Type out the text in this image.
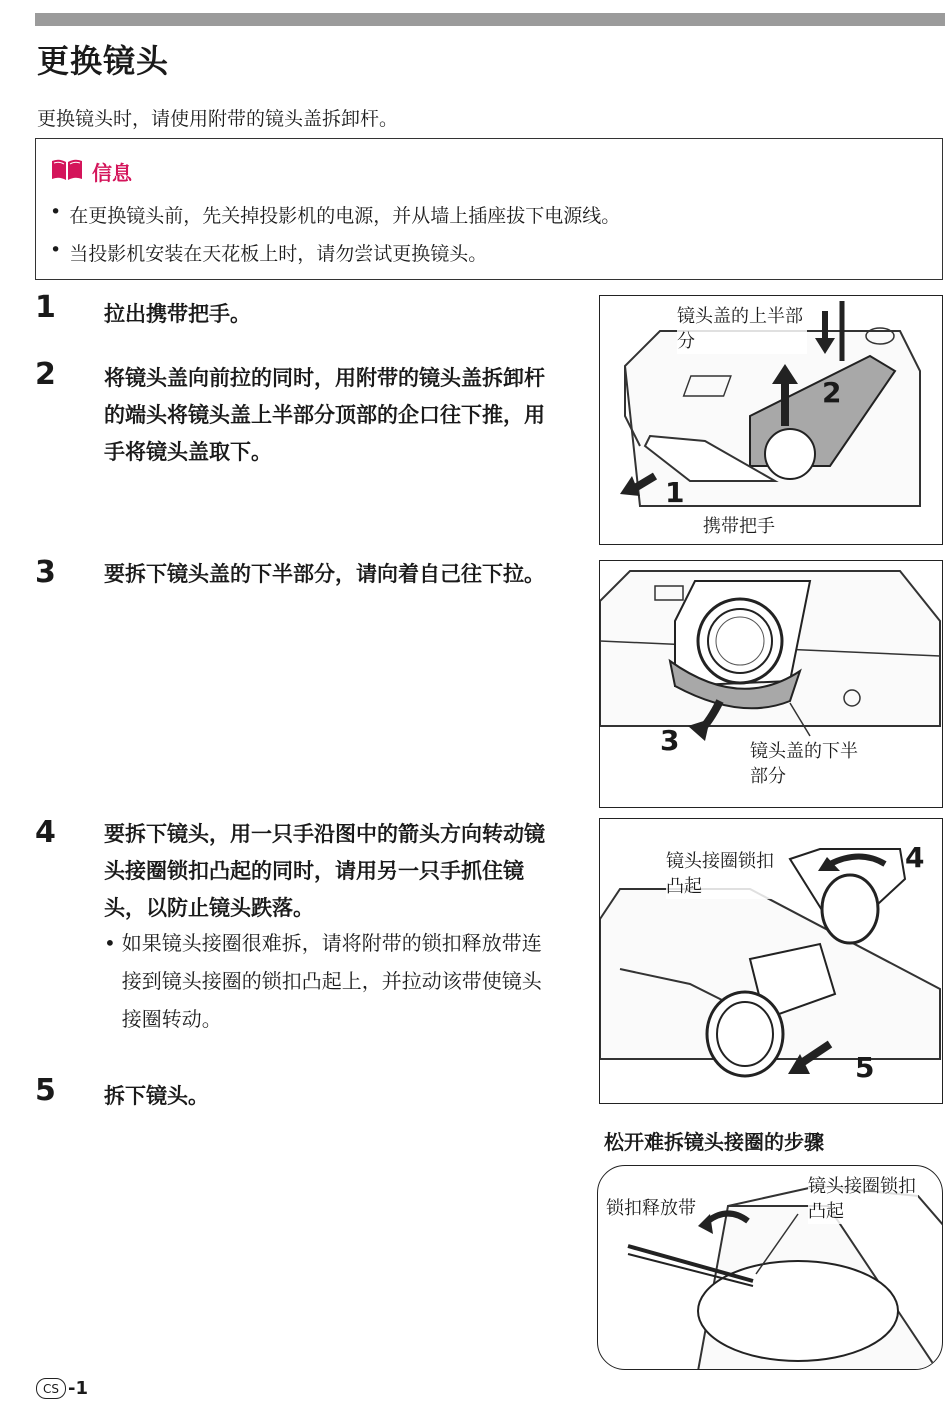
更换镜头
更换镜头时，请使用附带的镜头盖拆卸杆。
信息
• 在更换镜头前，先关掉投影机的电源，并从墙上插座拔下电源线。
• 当投影机安装在天花板上时，请勿尝试更换镜头。
1 拉出携带把手。
2 将镜头盖向前拉的同时，用附带的镜头盖拆卸杆的端头将镜头盖上半部分顶部的企口往下推，用手将镜头盖取下。
3 要拆下镜头盖的下半部分，请向着自己往下拉。
4 要拆下镜头，用一只手沿图中的箭头方向转动镜头接圈锁扣凸起的同时，请用另一只手抓住镜头，以防止镜头跌落。
• 如果镜头接圈很难拆，请将附带的锁扣释放带连接到镜头接圈的锁扣凸起上，并拉动该带使镜头接圈转动。
5 拆下镜头。
镜头盖的上半部分
2
1
携带把手
3	镜头盖的下半部分
镜头接圈锁扣凸起
4
5
松开难拆镜头接圈的步骤
锁扣释放带
镜头接圈锁扣凸起
CS -1
